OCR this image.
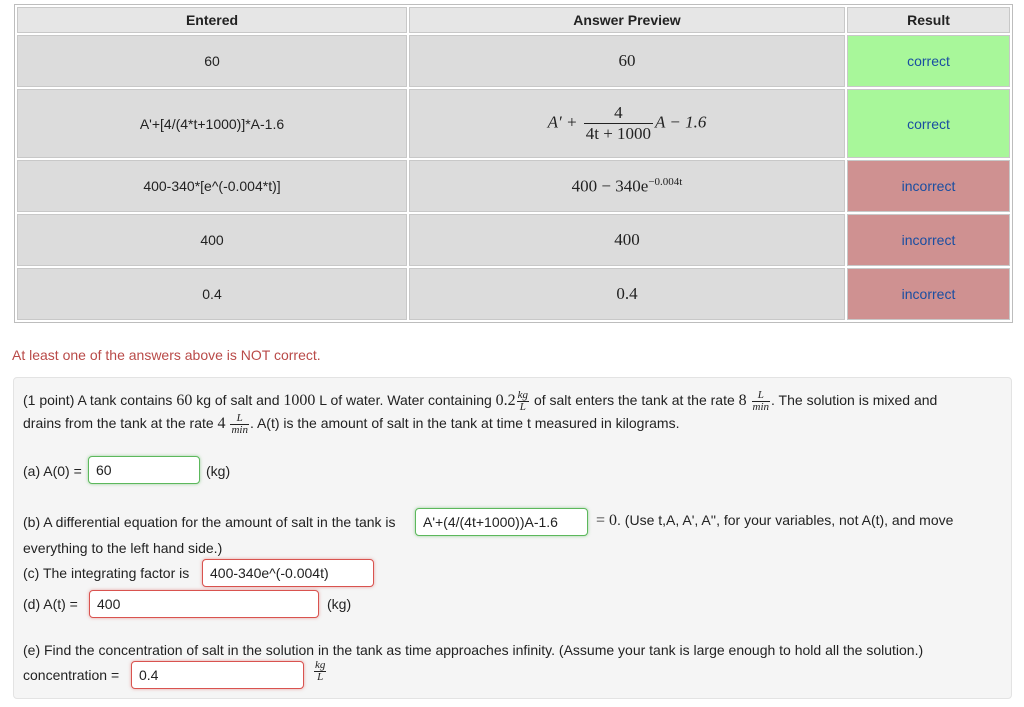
Entered	Answer Preview	Result
60	60	correct
A'+[4/(4*t+1000)]*A-1.6	$A' + \frac{4}{4t + 1000}$ A − 1.6	correct
400-340*[e^(-0.004*t)]	$400 - 340e^{-0.004t}$	incorrect
400	400	incorrect
0.4	0.4	incorrect
At least one of the answers above is NOT correct.
(1 point) A tank contains 60 kg of salt and 1000 L of water. Water containing $0.2 \frac{kg}{L}$ of salt enters the tank at the rate 8	L
min . The solution is mixed and
drains from the tank at the rate 4	L
min . A(t) is the amount of salt in the tank at time t measured in kilograms.
(a) A(0) =	60	(kg)
(b) A differential equation for the amount of salt in the tank is	A'+(4/(4t+1000))A-1.6	= 0. (Use t,A, A', A'', for your variables, not A(t), and move
everything to the left hand side.)
(c) The integrating factor is	400-340e^(-0.004t)
(d) A(t) =	400	(kg)
(e) Find the concentration of salt in the solution in the tank as time approaches infinity. (Assume your tank is large enough to hold all the solution.)
concentration =	0.4	$\frac{kg}{L}$
